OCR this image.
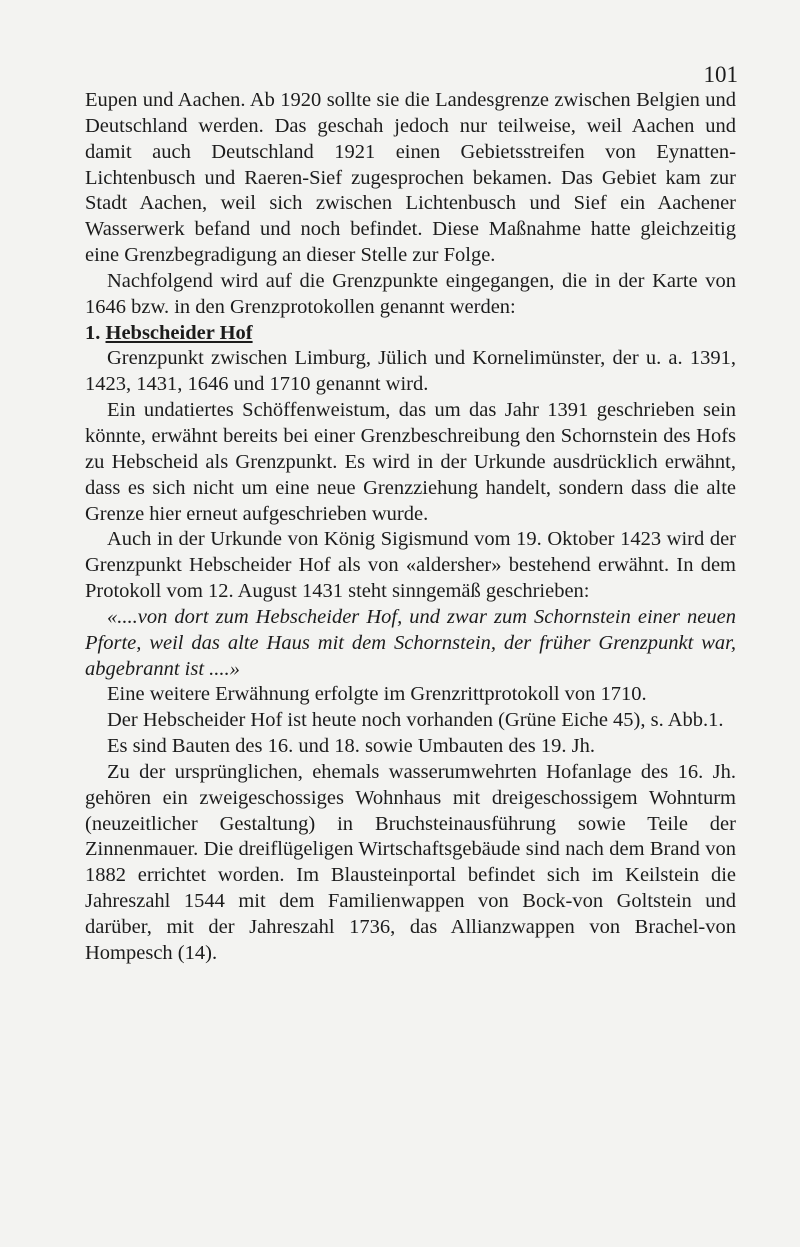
101

Eupen und Aachen. Ab 1920 sollte sie die Landesgrenze zwischen Belgien und Deutschland werden. Das geschah jedoch nur teilweise, weil Aachen und damit auch Deutschland 1921 einen Gebietsstreifen von Eynatten-Lichtenbusch und Raeren-Sief zugesprochen bekamen. Das Gebiet kam zur Stadt Aachen, weil sich zwischen Lichtenbusch und Sief ein Aachener Wasserwerk befand und noch befindet. Diese Maßnahme hatte gleichzeitig eine Grenzbegradigung an dieser Stelle zur Folge.

Nachfolgend wird auf die Grenzpunkte eingegangen, die in der Karte von 1646 bzw. in den Grenzprotokollen genannt werden:

1. Hebscheider Hof

Grenzpunkt zwischen Limburg, Jülich und Kornelimünster, der u. a. 1391, 1423, 1431, 1646 und 1710 genannt wird.

Ein undatiertes Schöffenweistum, das um das Jahr 1391 geschrieben sein könnte, erwähnt bereits bei einer Grenzbeschreibung den Schornstein des Hofs zu Hebscheid als Grenzpunkt. Es wird in der Urkunde ausdrücklich erwähnt, dass es sich nicht um eine neue Grenzziehung handelt, sondern dass die alte Grenze hier erneut aufgeschrieben wurde.

Auch in der Urkunde von König Sigismund vom 19. Oktober 1423 wird der Grenzpunkt Hebscheider Hof als von «aldersher» bestehend erwähnt. In dem Protokoll vom 12. August 1431 steht sinngemäß geschrieben:

«....von dort zum Hebscheider Hof, und zwar zum Schornstein einer neuen Pforte, weil das alte Haus mit dem Schornstein, der früher Grenzpunkt war, abgebrannt ist ....»

Eine weitere Erwähnung erfolgte im Grenzrittprotokoll von 1710.

Der Hebscheider Hof ist heute noch vorhanden (Grüne Eiche 45), s. Abb.1.

Es sind Bauten des 16. und 18. sowie Umbauten des 19. Jh.

Zu der ursprünglichen, ehemals wasserumwehrten Hofanlage des 16. Jh. gehören ein zweigeschossiges Wohnhaus mit dreigeschossigem Wohnturm (neuzeitlicher Gestaltung) in Bruchsteinausführung sowie Teile der Zinnenmauer. Die dreiflügeligen Wirtschaftsgebäude sind nach dem Brand von 1882 errichtet worden. Im Blausteinportal befindet sich im Keilstein die Jahreszahl 1544 mit dem Familienwappen von Bock-von Goltstein und darüber, mit der Jahreszahl 1736, das Allianzwappen von Brachel-von Hompesch (14).
